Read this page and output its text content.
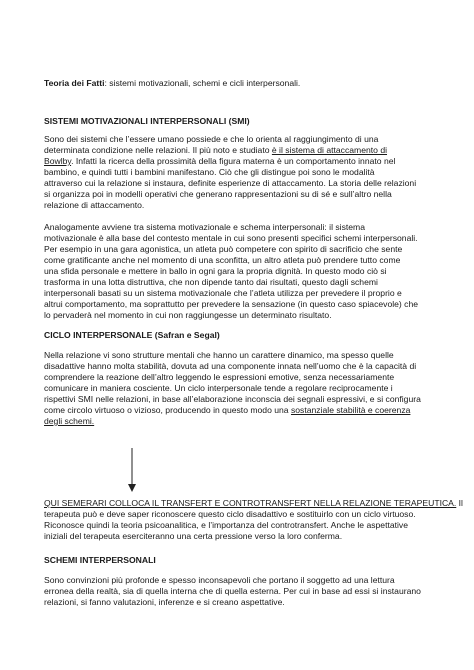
Teoria dei Fatti: sistemi motivazionali, schemi e cicli interpersonali.
SISTEMI MOTIVAZIONALI INTERPERSONALI (SMI)
Sono dei sistemi che l’essere umano possiede e che lo orienta al raggiungimento di una
determinata condizione nelle relazioni. Il più noto e studiato è il sistema di attaccamento di
Bowlby. Infatti la ricerca della prossimità della figura materna è un comportamento innato nel
bambino, e quindi tutti i bambini manifestano. Ciò che gli distingue poi sono le modalità
attraverso cui la relazione si instaura, definite esperienze di attaccamento. La storia delle relazioni
si organizza poi in modelli operativi che generano rappresentazioni su di sé e sull’altro nella
relazione di attaccamento.
Analogamente avviene tra sistema motivazionale e schema interpersonali: il sistema
motivazionale è alla base del contesto mentale in cui sono presenti specifici schemi interpersonali.
Per esempio in una gara agonistica, un atleta può competere con spirito di sacrificio che sente
come gratificante anche nel momento di una sconfitta, un altro atleta può prendere tutto come
una sfida personale e mettere in ballo in ogni gara la propria dignità. In questo modo ciò si
trasforma in una lotta distruttiva, che non dipende tanto dai risultati, questo dagli schemi
interpersonali basati su un sistema motivazionale che l’atleta utilizza per prevedere il proprio e
altrui comportamento, ma soprattutto per prevedere la sensazione (in questo caso spiacevole) che
lo pervaderà nel momento in cui non raggiungesse un determinato risultato.
CICLO INTERPERSONALE (Safran e Segal)
Nella relazione vi sono strutture mentali che hanno un carattere dinamico, ma spesso quelle
disadattive hanno molta stabilità, dovuta ad una componente innata nell’uomo che è la capacità di
comprendere la reazione dell’altro leggendo le espressioni emotive, senza necessariamente
comunicare in maniera cosciente. Un ciclo interpersonale tende a regolare reciprocamente i
rispettivi SMI nelle relazioni, in base all’elaborazione inconscia dei segnali espressivi, e si configura
come circolo virtuoso o vizioso, producendo in questo modo una sostanziale stabilità e coerenza
degli schemi.
QUI SEMERARI COLLOCA IL TRANSFERT E CONTROTRANSFERT NELLA RELAZIONE TERAPEUTICA. Il
terapeuta può e deve saper riconoscere questo ciclo disadattivo e sostituirlo con un ciclo virtuoso.
Riconosce quindi la teoria psicoanalitica, e l’importanza del controtransfert. Anche le aspettative
iniziali del terapeuta eserciteranno una certa pressione verso la loro conferma.
SCHEMI INTERPERSONALI
Sono convinzioni più profonde e spesso inconsapevoli che portano il soggetto ad una lettura
erronea della realtà, sia di quella interna che di quella esterna. Per cui in base ad essi si instaurano
relazioni, si fanno valutazioni, inferenze e si creano aspettative.
